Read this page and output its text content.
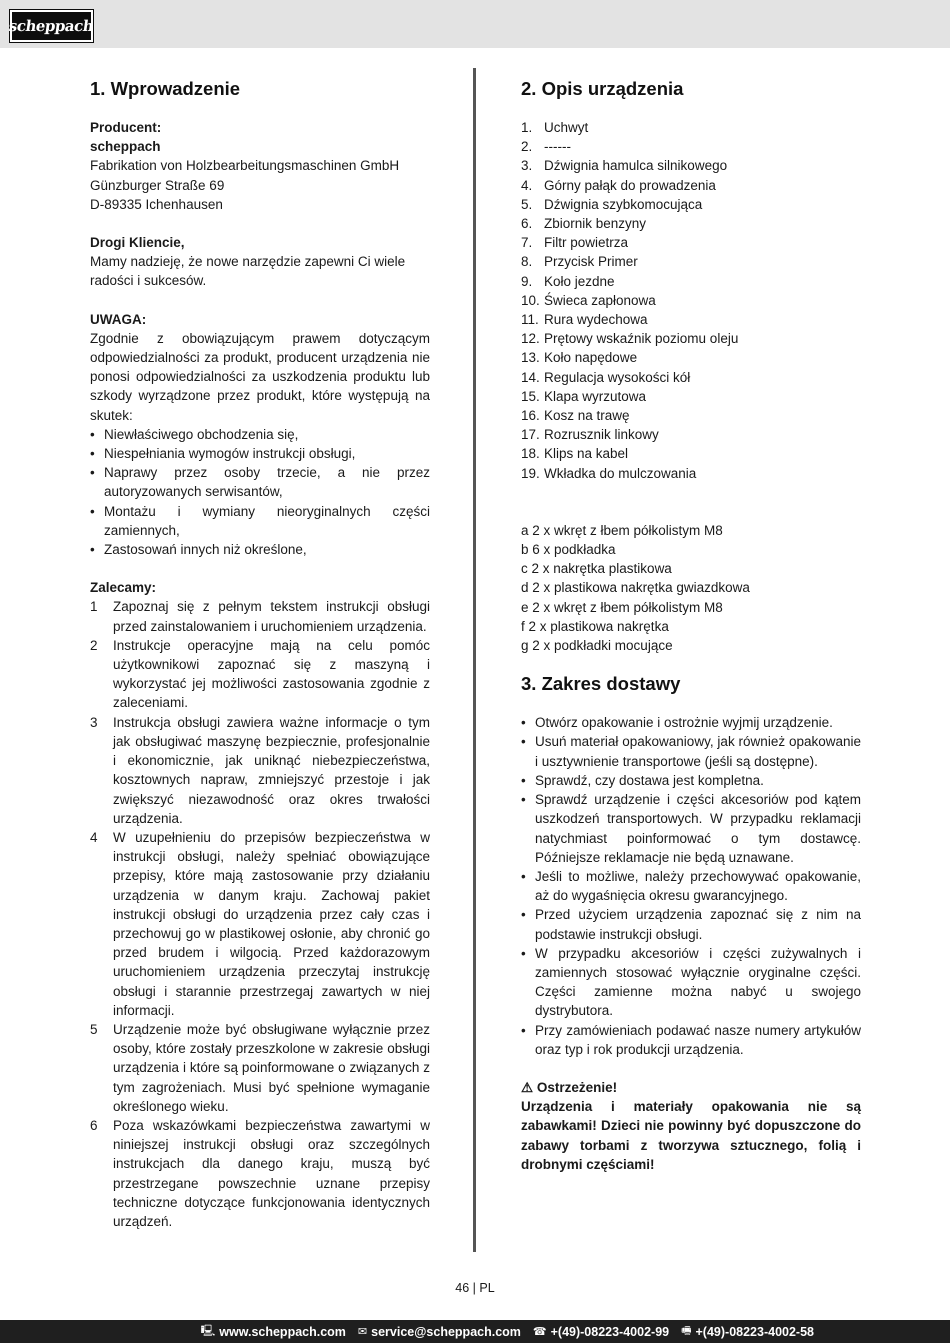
scheppach
1. Wprowadzenie
Producent:
scheppach
Fabrikation von Holzbearbeitungsmaschinen GmbH
Günzburger Straße 69
D-89335 Ichenhausen
Drogi Kliencie,
Mamy nadzieję, że nowe narzędzie zapewni Ci wiele radości i sukcesów.
UWAGA:
Zgodnie z obowiązującym prawem dotyczącym odpowiedzialności za produkt, producent urządzenia nie ponosi odpowiedzialności za uszkodzenia produktu lub szkody wyrządzone przez produkt, które występują na skutek:
• Niewłaściwego obchodzenia się,
• Niespełniania wymogów instrukcji obsługi,
• Naprawy przez osoby trzecie, a nie przez autoryzowanych serwisantów,
• Montażu i wymiany nieoryginalnych części zamiennych,
• Zastosowań innych niż określone,
Zalecamy:
1 Zapoznaj się z pełnym tekstem instrukcji obsługi przed zainstalowaniem i uruchomieniem urządzenia.
2 Instrukcje operacyjne mają na celu pomóc użytkownikowi zapoznać się z maszyną i wykorzystać jej możliwości zastosowania zgodnie z zaleceniami.
3 Instrukcja obsługi zawiera ważne informacje o tym jak obsługiwać maszynę bezpiecznie, profesjonalnie i ekonomicznie, jak uniknąć niebezpieczeństwa, kosztownych napraw, zmniejszyć przestoje i jak zwiększyć niezawodność oraz okres trwałości urządzenia.
4 W uzupełnieniu do przepisów bezpieczeństwa w instrukcji obsługi, należy spełniać obowiązujące przepisy, które mają zastosowanie przy działaniu urządzenia w danym kraju. Zachowaj pakiet instrukcji obsługi do urządzenia przez cały czas i przechowuj go w plastikowej osłonie, aby chronić go przed brudem i wilgocią. Przed każdorazowym uruchomieniem urządzenia przeczytaj instrukcję obsługi i starannie przestrzegaj zawartych w niej informacji.
5 Urządzenie może być obsługiwane wyłącznie przez osoby, które zostały przeszkolone w zakresie obsługi urządzenia i które są poinformowane o związanych z tym zagrożeniach. Musi być spełnione wymaganie określonego wieku.
6 Poza wskazówkami bezpieczeństwa zawartymi w niniejszej instrukcji obsługi oraz szczególnych instrukcjach dla danego kraju, muszą być przestrzegane powszechnie uznane przepisy techniczne dotyczące funkcjonowania identycznych urządzeń.
2. Opis urządzenia
1. Uchwyt
2. ------
3. Dźwignia hamulca silnikowego
4. Górny pałąk do prowadzenia
5. Dźwignia szybkomocująca
6. Zbiornik benzyny
7. Filtr powietrza
8. Przycisk Primer
9. Koło jezdne
10. Świeca zapłonowa
11. Rura wydechowa
12. Prętowy wskaźnik poziomu oleju
13. Koło napędowe
14. Regulacja wysokości kół
15. Klapa wyrzutowa
16. Kosz na trawę
17. Rozrusznik linkowy
18. Klips na kabel
19. Wkładka do mulczowania
a 2 x wkręt z łbem półkolistym M8
b 6 x podkładka
c 2 x nakrętka plastikowa
d 2 x plastikowa nakrętka gwiazdkowa
e 2 x wkręt z łbem półkolistym M8
f 2 x plastikowa nakrętka
g 2 x podkładki mocujące
3. Zakres dostawy
• Otwórz opakowanie i ostrożnie wyjmij urządzenie.
• Usuń materiał opakowaniowy, jak również opakowanie i usztywnienie transportowe (jeśli są dostępne).
• Sprawdź, czy dostawa jest kompletna.
• Sprawdź urządzenie i części akcesoriów pod kątem uszkodzeń transportowych. W przypadku reklamacji natychmiast poinformować o tym dostawcę. Późniejsze reklamacje nie będą uznawane.
• Jeśli to możliwe, należy przechowywać opakowanie, aż do wygaśnięcia okresu gwarancyjnego.
• Przed użyciem urządzenia zapoznać się z nim na podstawie instrukcji obsługi.
• W przypadku akcesoriów i części zużywalnych i zamiennych stosować wyłącznie oryginalne części. Części zamienne można nabyć u swojego dystrybutora.
• Przy zamówieniach podawać nasze numery artykułów oraz typ i rok produkcji urządzenia.
⚠ Ostrzeżenie!
Urządzenia i materiały opakowania nie są zabawkami! Dzieci nie powinny być dopuszczone do zabawy torbami z tworzywa sztucznego, folią i drobnymi częściami!
46 | PL
🖳 www.scheppach.com ✉ service@scheppach.com ☎ +(49)-08223-4002-99 🖷 +(49)-08223-4002-58
